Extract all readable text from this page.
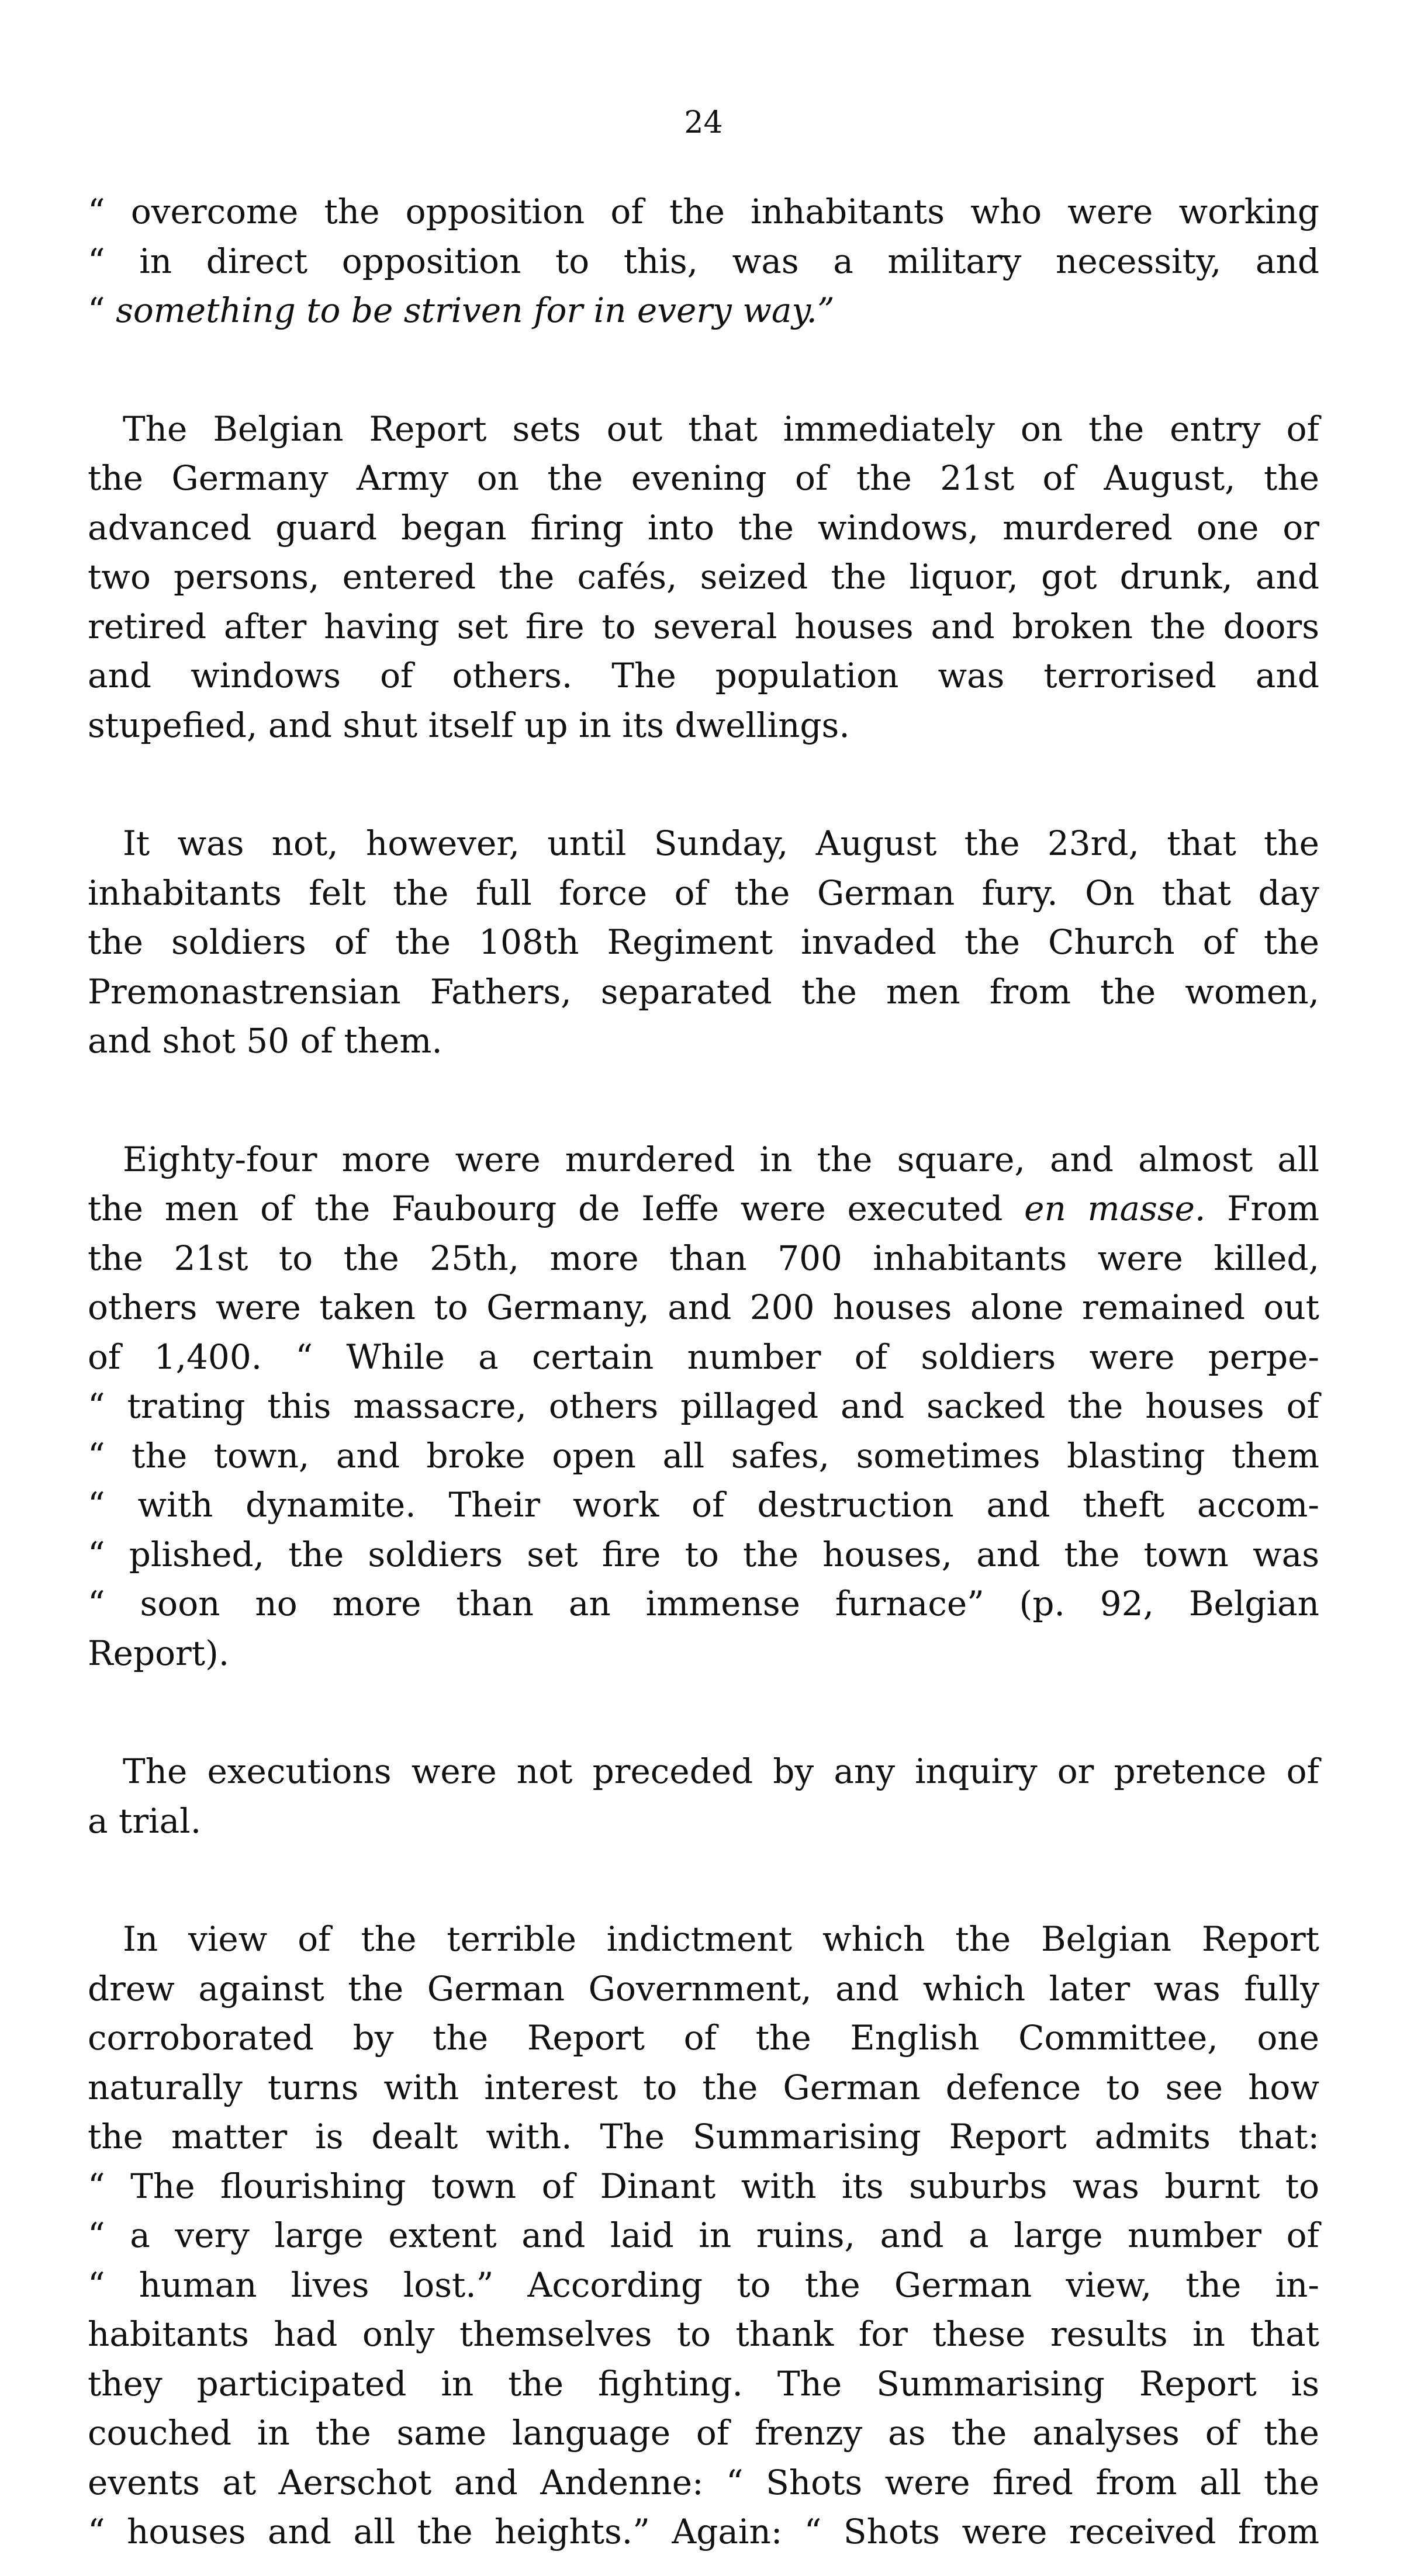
24
“ overcome the opposition of the inhabitants who were working
“ in direct opposition to this, was a military necessity, and
“ something to be striven for in every way.”
The Belgian Report sets out that immediately on the entry of
the Germany Army on the evening of the 21st of August, the
advanced guard began firing into the windows, murdered one or
two persons, entered the cafés, seized the liquor, got drunk, and
retired after having set fire to several houses and broken the doors
and windows of others. The population was terrorised and
stupefied, and shut itself up in its dwellings.
It was not, however, until Sunday, August the 23rd, that the
inhabitants felt the full force of the German fury. On that day
the soldiers of the 108th Regiment invaded the Church of the
Premonastrensian Fathers, separated the men from the women,
and shot 50 of them.
Eighty-four more were murdered in the square, and almost all
the men of the Faubourg de Ieffe were executed en masse. From
the 21st to the 25th, more than 700 inhabitants were killed,
others were taken to Germany, and 200 houses alone remained out
of 1,400. “ While a certain number of soldiers were perpe-
“ trating this massacre, others pillaged and sacked the houses of
“ the town, and broke open all safes, sometimes blasting them
“ with dynamite. Their work of destruction and theft accom-
“ plished, the soldiers set fire to the houses, and the town was
“ soon no more than an immense furnace” (p. 92, Belgian
Report).
The executions were not preceded by any inquiry or pretence of
a trial.
In view of the terrible indictment which the Belgian Report
drew against the German Government, and which later was fully
corroborated by the Report of the English Committee, one
naturally turns with interest to the German defence to see how
the matter is dealt with. The Summarising Report admits that:
“ The flourishing town of Dinant with its suburbs was burnt to
“ a very large extent and laid in ruins, and a large number of
“ human lives lost.” According to the German view, the in-
habitants had only themselves to thank for these results in that
they participated in the fighting. The Summarising Report is
couched in the same language of frenzy as the analyses of the
events at Aerschot and Andenne: “ Shots were fired from all the
“ houses and all the heights.” Again: “ Shots were received from
